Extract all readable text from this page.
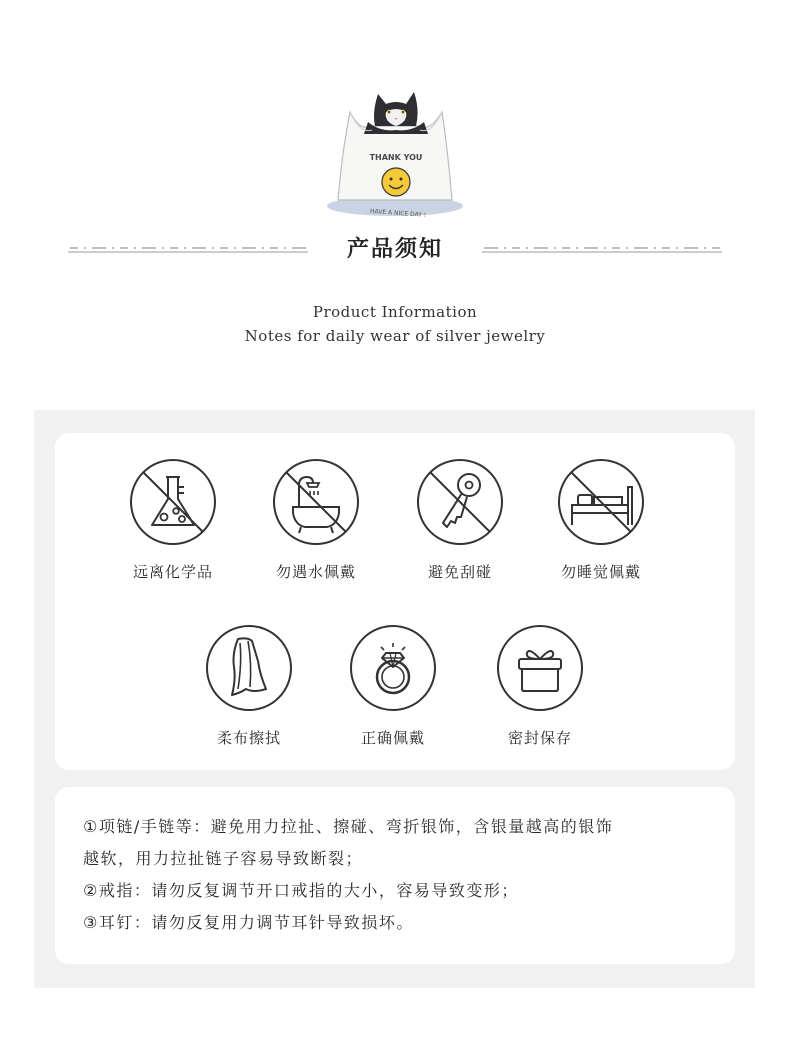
THANK YOU
HAVE A NICE DAY !
产品须知
Product Information
Notes for daily wear of silver jewelry
远离化学品	勿遇水佩戴	避免刮碰	勿睡觉佩戴
柔布擦拭	正确佩戴	密封保存
①项链/手链等：避免用力拉扯、擦碰、弯折银饰，含银量越高的银饰
越软，用力拉扯链子容易导致断裂；
②戒指：请勿反复调节开口戒指的大小，容易导致变形；
③耳钉：请勿反复用力调节耳针导致损坏。
